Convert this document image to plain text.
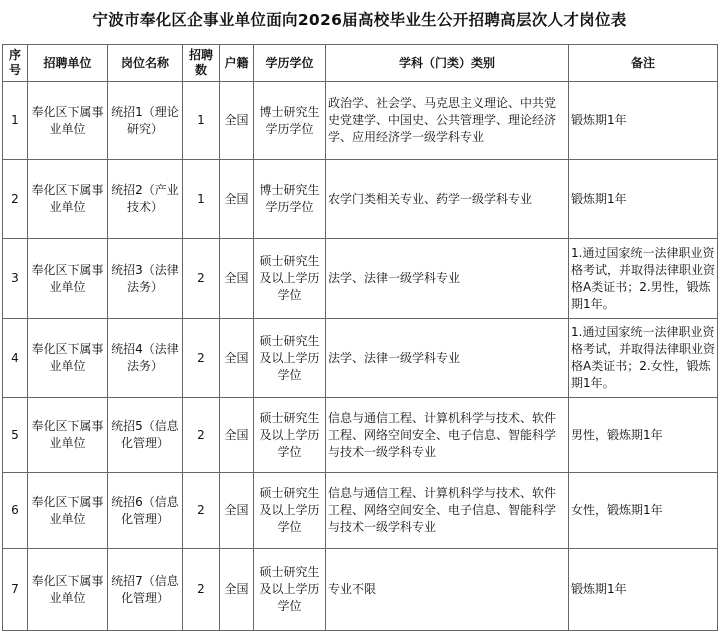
宁波市奉化区企事业单位面向2026届高校毕业生公开招聘高层次人才岗位表
序号	招聘单位	岗位名称	招聘数	户籍	学历学位	学科（门类）类别	备注
1	奉化区下属事业单位	统招1（理论研究）	1	全国	博士研究生学历学位	政治学、社会学、马克思主义理论、中共党史党建学、中国史、公共管理学、理论经济学、应用经济学一级学科专业	锻炼期1年
2	奉化区下属事业单位	统招2（产业技术）	1	全国	博士研究生学历学位	农学门类相关专业、药学一级学科专业	锻炼期1年
3	奉化区下属事业单位	统招3（法律法务）	2	全国	硕士研究生及以上学历学位	法学、法律一级学科专业	1.通过国家统一法律职业资格考试，并取得法律职业资格A类证书；2.男性，锻炼期1年。
4	奉化区下属事业单位	统招4（法律法务）	2	全国	硕士研究生及以上学历学位	法学、法律一级学科专业	1.通过国家统一法律职业资格考试，并取得法律职业资格A类证书；2.女性，锻炼期1年。
5	奉化区下属事业单位	统招5（信息化管理）	2	全国	硕士研究生及以上学历学位	信息与通信工程、计算机科学与技术、软件工程、网络空间安全、电子信息、智能科学与技术一级学科专业	男性，锻炼期1年
6	奉化区下属事业单位	统招6（信息化管理）	2	全国	硕士研究生及以上学历学位	信息与通信工程、计算机科学与技术、软件工程、网络空间安全、电子信息、智能科学与技术一级学科专业	女性，锻炼期1年
7	奉化区下属事业单位	统招7（信息化管理）	2	全国	硕士研究生及以上学历学位	专业不限	锻炼期1年
